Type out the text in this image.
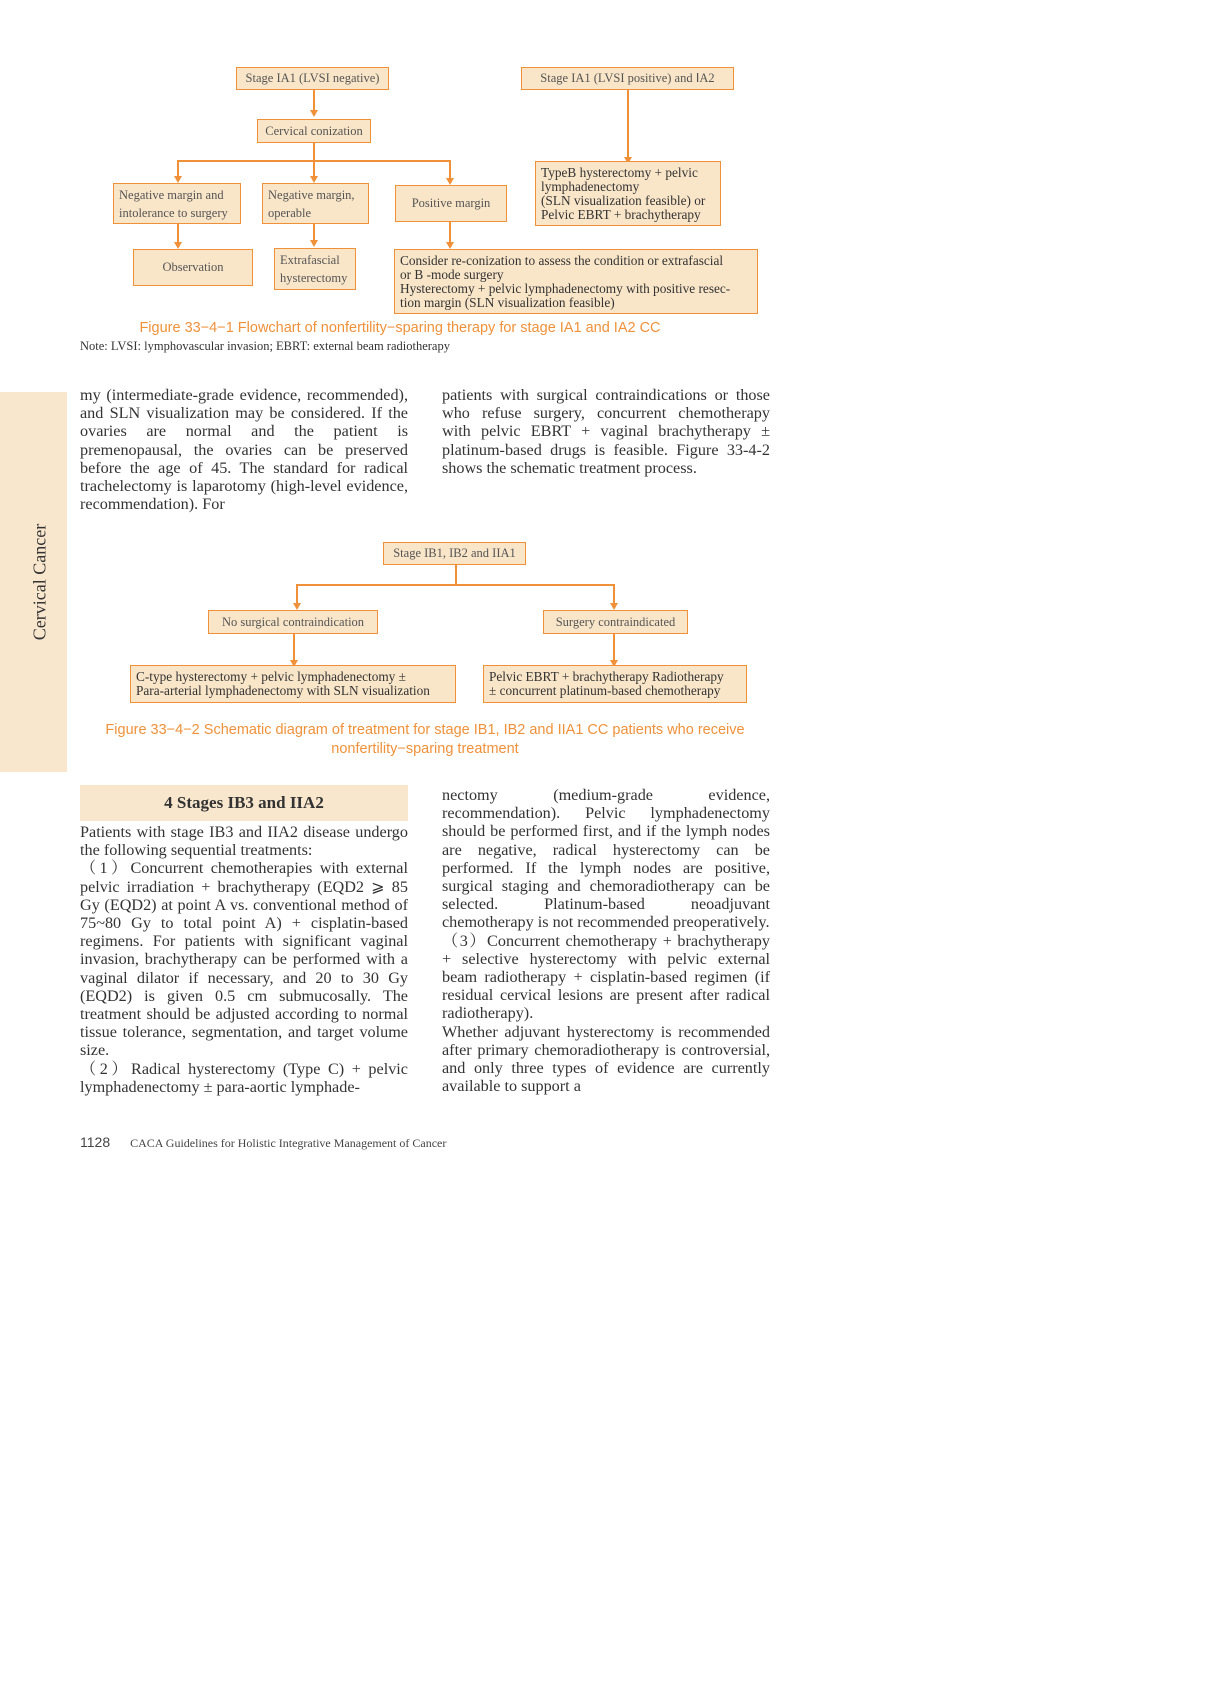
Stage IA1 (LVSI negative)	Stage IA1 (LVSI positive) and ⅠA2
Cervical conization
Negative margin and
intolerance to surgery
Negative margin,
operable
Positive margin
TypeB hysterectomy + pelvic
lymphadenectomy
(SLN visualization feasible) or
Pelvic EBRT + brachytherapy
Observation	Extrafascial
hysterectomy
Consider re-conization to assess the condition or extrafascial
or B -mode surgery
Hysterectomy + pelvic lymphadenectomy with positive resec-
tion margin (SLN visualization feasible)
Figure 33−4−1 Flowchart of nonfertility−sparing therapy for stage IA1 and IA2 CC
Note: LVSI: lymphovascular invasion; EBRT: external beam radiotherapy
Cervical Cancer

my (intermediate-grade evidence, recommended), and SLN visualization may be considered. If the ovaries are normal and the patient is premenopausal, the ovaries can be preserved before the age of 45. The standard for radical trachelectomy is laparotomy (high-level evidence, recommendation). For

patients with surgical contraindications or those who refuse surgery, concurrent chemotherapy with pelvic EBRT + vaginal brachytherapy ± platinum-based drugs is feasible. Figure 33-4-2 shows the schematic treatment process.

Stage IB1, IB2 and IIA1
No surgical contraindication	Surgery contraindicated
C-type hysterectomy + pelvic lymphadenectomy ±
Para-arterial lymphadenectomy with SLN visualization
Pelvic EBRT + brachytherapy Radiotherapy
± concurrent platinum-based chemotherapy
Figure 33−4−2 Schematic diagram of treatment for stage IB1, IB2 and IIA1 CC patients who receive
nonfertility−sparing treatment
4 Stages IB3 and IIA2

Patients with stage IB3 and IIA2 disease undergo the following sequential treatments:

（1）Concurrent chemotherapies with external pelvic irradiation + brachytherapy (EQD2 ⩾ 85 Gy (EQD2) at point A vs. conventional method of 75~80 Gy to total point A) + cisplatin-based regimens. For patients with significant vaginal invasion, brachytherapy can be performed with a vaginal dilator if necessary, and 20 to 30 Gy (EQD2) is given 0.5 cm submucosally. The treatment should be adjusted according to normal tissue tolerance, segmentation, and target volume size.

（2）Radical hysterectomy (Type C) + pelvic lymphadenectomy ± para-aortic lymphade-

nectomy (medium-grade evidence, recommendation). Pelvic lymphadenectomy should be performed first, and if the lymph nodes are negative, radical hysterectomy can be performed. If the lymph nodes are positive, surgical staging and chemoradiotherapy can be selected. Platinum-based neoadjuvant chemotherapy is not recommended preoperatively.

（3）Concurrent chemotherapy + brachytherapy + selective hysterectomy with pelvic external beam radiotherapy + cisplatin-based regimen (if residual cervical lesions are present after radical radiotherapy).

Whether adjuvant hysterectomy is recommended after primary chemoradiotherapy is controversial, and only three types of evidence are currently available to support a

1128 CACA Guidelines for Holistic Integrative Management of Cancer
